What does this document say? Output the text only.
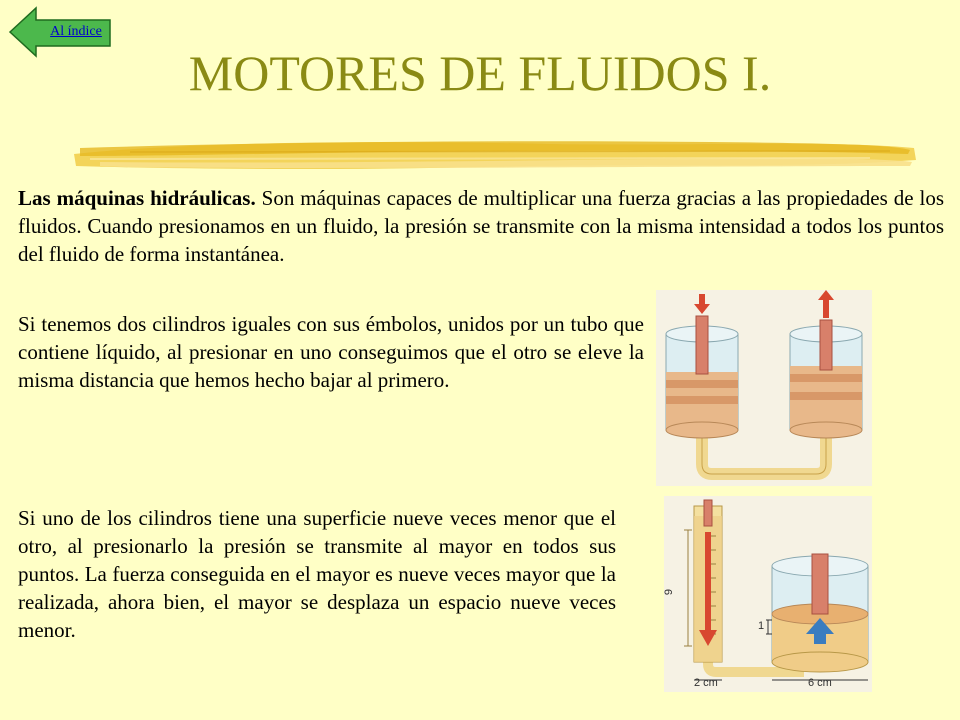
Al índice
MOTORES DE FLUIDOS I.

Las máquinas hidráulicas. Son máquinas capaces de multiplicar una fuerza gracias a las propiedades de los fluidos. Cuando presionamos en un fluido, la presión se transmite con la misma intensidad a todos los puntos del fluido de forma instantánea.

Si tenemos dos cilindros iguales con sus émbolos, unidos por un tubo que contiene líquido, al presionar en uno conseguimos que el otro se eleve la misma distancia que hemos hecho bajar al primero.

Si uno de los cilindros tiene una superficie nueve veces menor que el otro, al presionarlo la presión se transmite al mayor en todos sus puntos. La fuerza conseguida en el mayor es nueve veces mayor que la realizada, ahora bien, el mayor se desplaza un espacio nueve veces menor.

9
1
2 cm	6 cm
